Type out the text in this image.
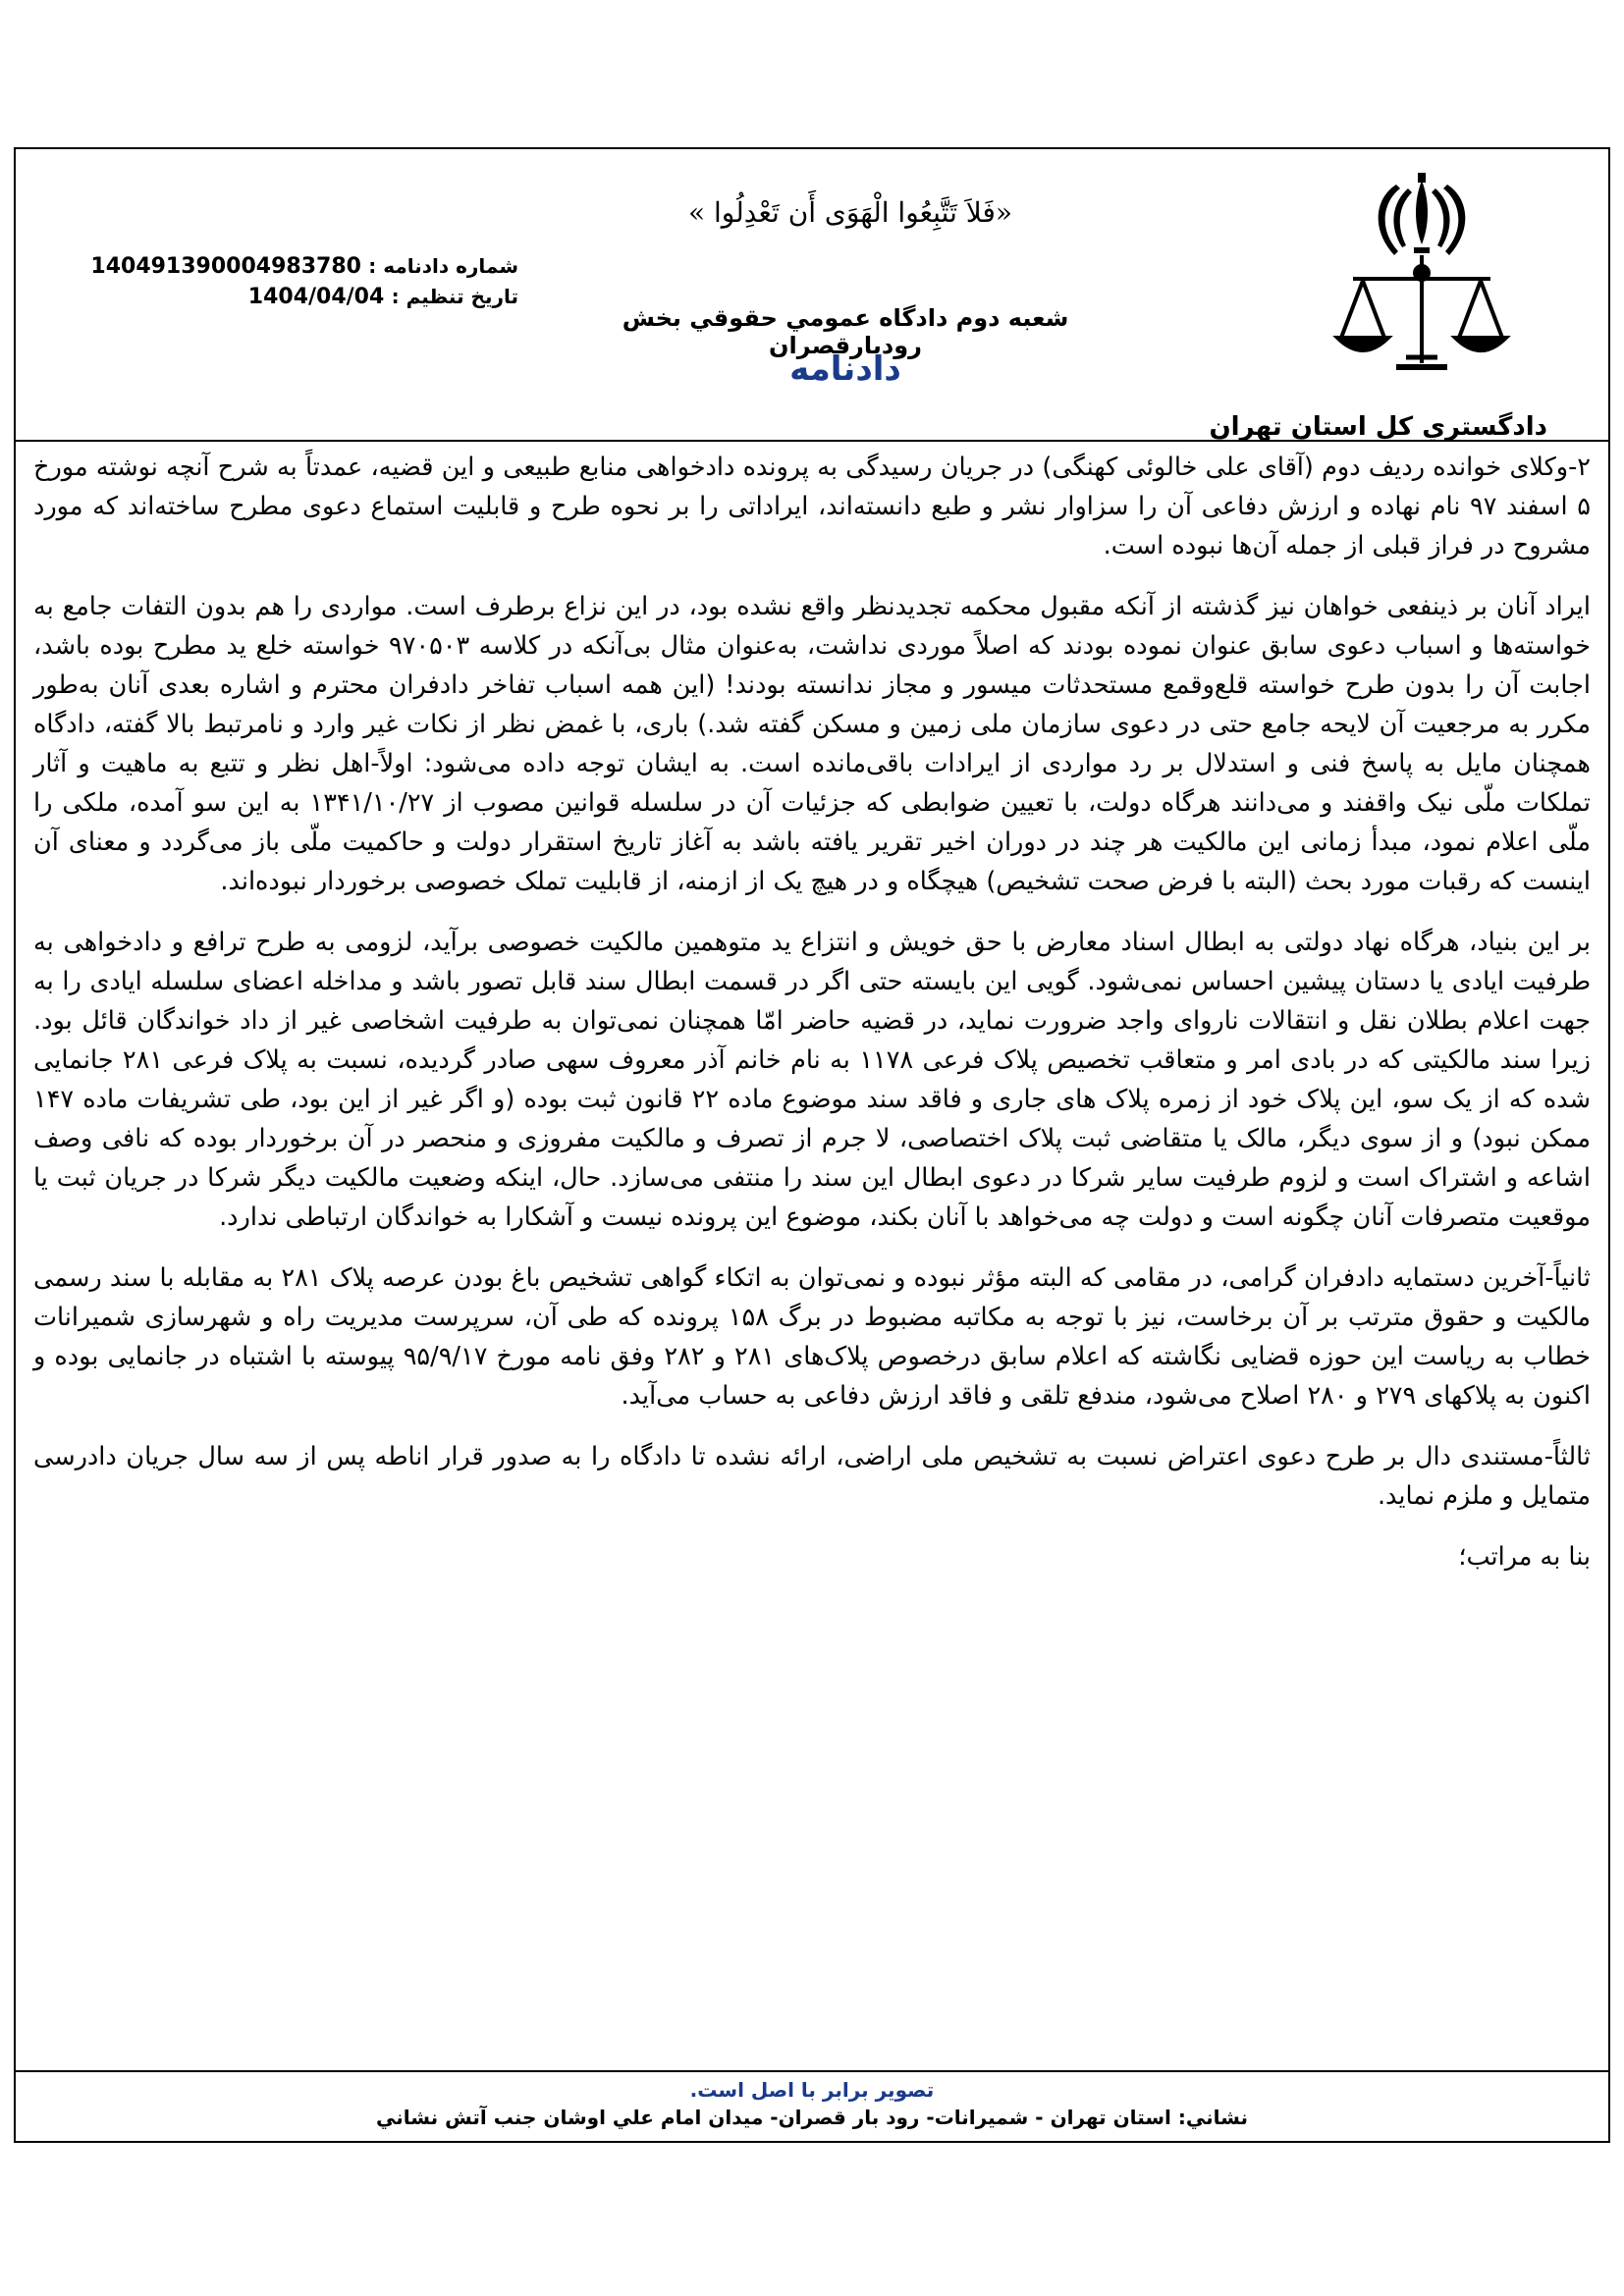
دادگستري كل استان تهران
«فَلاَ تَتَّبِعُوا الْهَوَى أَن تَعْدِلُوا »
شعبه دوم دادگاه عمومي حقوقي بخش رودبارقصران
دادنامه
شماره دادنامه : 140491390004983780
تاریخ تنظیم : 1404/04/04

۲-وکلای خوانده ردیف دوم (آقای علی خالوئی کهنگی) در جریان رسیدگی به پرونده دادخواهی منابع طبیعی و این قضیه، عمدتاً به شرح آنچه نوشته مورخ ۵ اسفند ۹۷ نام نهاده و ارزش دفاعی آن را سزاوار نشر و طبع دانسته‌اند، ایراداتی را بر نحوه طرح و قابلیت استماع دعوی مطرح ساخته‌اند که مورد مشروح در فراز قبلی از جمله آن‌ها نبوده است.

ایراد آنان بر ذینفعی خواهان نیز گذشته از آنکه مقبول محکمه تجدیدنظر واقع نشده بود، در این نزاع برطرف است. مواردی را هم بدون التفات جامع به خواسته‌ها و اسباب دعوی سابق عنوان نموده بودند که اصلاً موردی نداشت، به‌عنوان مثال بی‌آنکه در کلاسه ۹۷۰۵۰۳ خواسته خلع ید مطرح بوده باشد، اجابت آن را بدون طرح خواسته قلع‌وقمع مستحدثات میسور و مجاز ندانسته بودند! (این همه اسباب تفاخر دادفران محترم و اشاره بعدی آنان به‌طور مکرر به مرجعیت آن لایحه جامع حتی در دعوی سازمان ملی زمین و مسکن گفته شد.) باری، با غمض نظر از نکات غیر وارد و نامرتبط بالا گفته، دادگاه همچنان مایل به پاسخ فنی و استدلال بر رد مواردی از ایرادات باقی‌مانده است. به ایشان توجه داده می‌شود: اولاً-اهل نظر و تتبع به ماهیت و آثار تملکات ملّی نیک واقفند و می‌دانند هرگاه دولت، با تعیین ضوابطی که جزئیات آن در سلسله قوانین مصوب از ۱۳۴۱/۱۰/۲۷ به این سو آمده، ملکی را ملّی اعلام نمود، مبدأ زمانی این مالکیت هر چند در دوران اخیر تقریر یافته باشد به آغاز تاریخ استقرار دولت و حاکمیت ملّی باز می‌گردد و معنای آن اینست که رقبات مورد بحث (البته با فرض صحت تشخیص) هیچگاه و در هیچ یک از ازمنه، از قابلیت تملک خصوصی برخوردار نبوده‌اند.

بر این بنیاد، هرگاه نهاد دولتی به ابطال اسناد معارض با حق خویش و انتزاع ید متوهمین مالکیت خصوصی برآید، لزومی به طرح ترافع و دادخواهی به طرفیت ایادی یا دستان پیشین احساس نمی‌شود. گویی این بایسته حتی اگر در قسمت ابطال سند قابل تصور باشد و مداخله اعضای سلسله ایادی را به جهت اعلام بطلان نقل و انتقالات ناروای واجد ضرورت نماید، در قضیه حاضر امّا همچنان نمی‌توان به طرفیت اشخاصی غیر از داد خواندگان قائل بود. زیرا سند مالکیتی که در بادی امر و متعاقب تخصیص پلاک فرعی ۱۱۷۸ به نام خانم آذر معروف سهی صادر گردیده، نسبت به پلاک فرعی ۲۸۱ جانمایی شده که از یک سو، این پلاک خود از زمره پلاک های جاری و فاقد سند موضوع ماده ۲۲ قانون ثبت بوده (و اگر غیر از این بود، طی تشریفات ماده ۱۴۷ ممکن نبود) و از سوی دیگر، مالک یا متقاضی ثبت پلاک اختصاصی، لا جرم از تصرف و مالکیت مفروزی و منحصر در آن برخوردار بوده که نافی وصف اشاعه و اشتراک است و لزوم طرفیت سایر شرکا در دعوی ابطال این سند را منتفی می‌سازد. حال، اینکه وضعیت مالکیت دیگر شرکا در جریان ثبت یا موقعیت متصرفات آنان چگونه است و دولت چه می‌خواهد با آنان بکند، موضوع این پرونده نیست و آشکارا به خواندگان ارتباطی ندارد.

ثانیاً-آخرین دستمایه دادفران گرامی، در مقامی که البته مؤثر نبوده و نمی‌توان به اتکاء گواهی تشخیص باغ بودن عرصه پلاک ۲۸۱ به مقابله با سند رسمی مالکیت و حقوق مترتب بر آن برخاست، نیز با توجه به مکاتبه مضبوط در برگ ۱۵۸ پرونده که طی آن، سرپرست مدیریت راه و شهرسازی شمیرانات خطاب به ریاست این حوزه قضایی نگاشته که اعلام سابق درخصوص پلاک‌های ۲۸۱ و ۲۸۲ وفق نامه مورخ ۹۵/۹/۱۷ پیوسته با اشتباه در جانمایی بوده و اکنون به پلاکهای ۲۷۹ و ۲۸۰ اصلاح می‌شود، مندفع تلقی و فاقد ارزش دفاعی به حساب می‌آید.

ثالثاً-مستندی دال بر طرح دعوی اعتراض نسبت به تشخیص ملی اراضی، ارائه نشده تا دادگاه را به صدور قرار اناطه پس از سه سال جریان دادرسی متمایل و ملزم نماید.

بنا به مراتب؛

تصوير برابر با اصل است.
نشاني: استان تهران - شميرانات- رود بار قصران- ميدان امام علي اوشان جنب آتش نشاني
